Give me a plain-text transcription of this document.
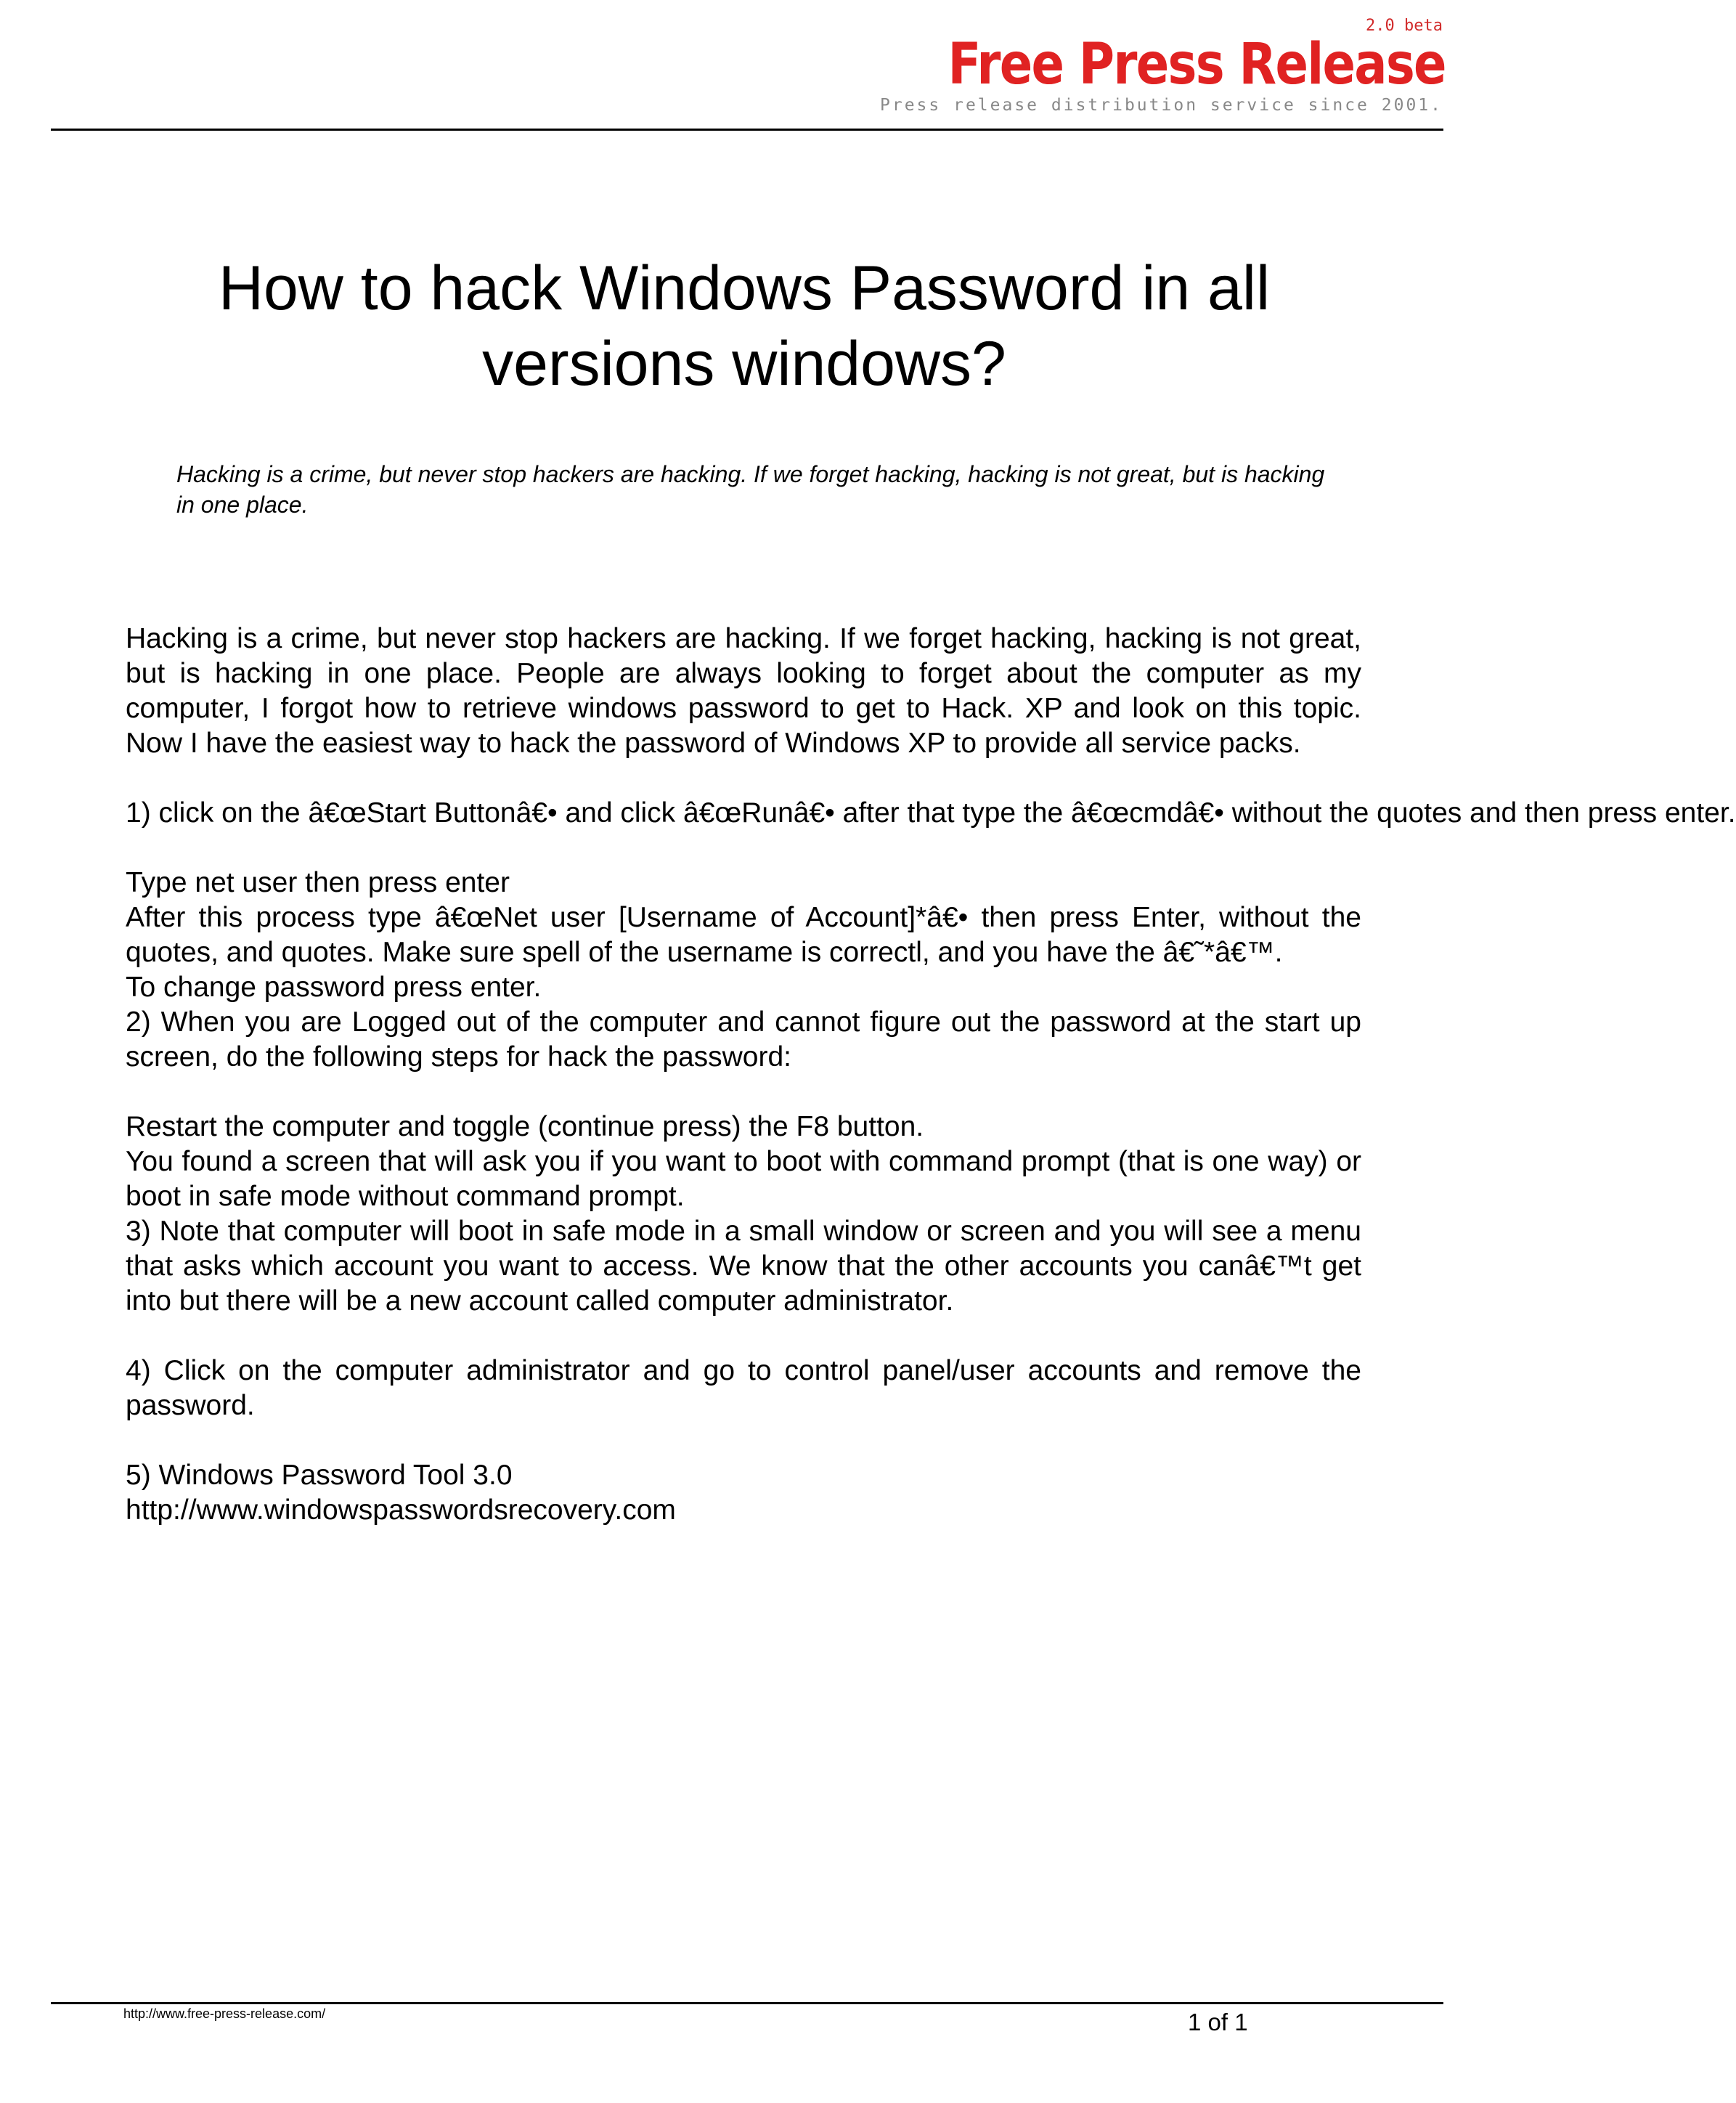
2.0 beta
Free Press Release
Press release distribution service since 2001.
How to hack Windows Password in all versions windows?

Hacking is a crime, but never stop hackers are hacking. If we forget hacking, hacking is not great, but is hacking in one place.

Hacking is a crime, but never stop hackers are hacking. If we forget hacking, hacking is not great, but is hacking in one place. People are always looking to forget about the computer as my computer, I forgot how to retrieve windows password to get to Hack. XP and look on this topic. Now I have the easiest way to hack the password of Windows XP to provide all service packs.

1) click on the â€œStart Buttonâ€• and click â€œRunâ€• after that type the â€œcmdâ€• without the quotes and then press enter.

Type net user then press enter

After this process type â€œNet user [Username of Account]*â€• then press Enter, without the quotes, and quotes. Make sure spell of the username is correctl, and you have the â€˜*â€™.

To change password press enter.

2) When you are Logged out of the computer and cannot figure out the password at the start up screen, do the following steps for hack the password:

Restart the computer and toggle (continue press) the F8 button.

You found a screen that will ask you if you want to boot with command prompt (that is one way) or boot in safe mode without command prompt.

3) Note that computer will boot in safe mode in a small window or screen and you will see a menu that asks which account you want to access. We know that the other accounts you canâ€™t get into but there will be a new account called computer administrator.

4) Click on the computer administrator and go to control panel/user accounts and remove the password.

5) Windows Password Tool 3.0

http://www.windowspasswordsrecovery.com

http://www.free-press-release.com/	1 of 1
